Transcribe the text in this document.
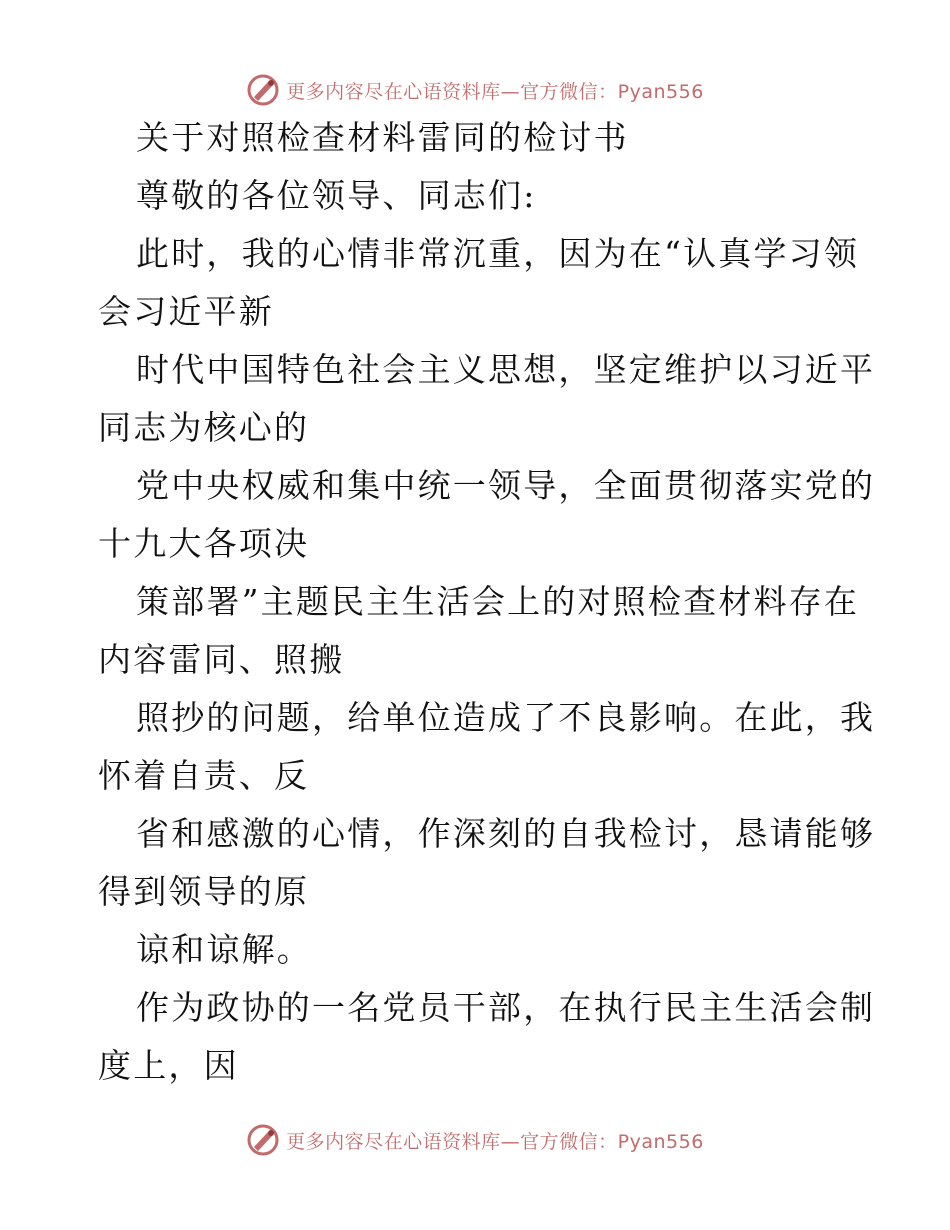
更多内容尽在心语资料库—官方微信：Pyan556
关于对照检查材料雷同的检讨书
尊敬的各位领导、同志们:
此时，我的心情非常沉重，因为在“认真学习领
会习近平新
时代中国特色社会主义思想，坚定维护以习近平
同志为核心的
党中央权威和集中统一领导，全面贯彻落实党的
十九大各项决
策部署”主题民主生活会上的对照检查材料存在
内容雷同、照搬
照抄的问题，给单位造成了不良影响。在此，我
怀着自责、反
省和感激的心情，作深刻的自我检讨，恳请能够
得到领导的原
谅和谅解。
作为政协的一名党员干部，在执行民主生活会制
度上，因
更多内容尽在心语资料库—官方微信：Pyan556
